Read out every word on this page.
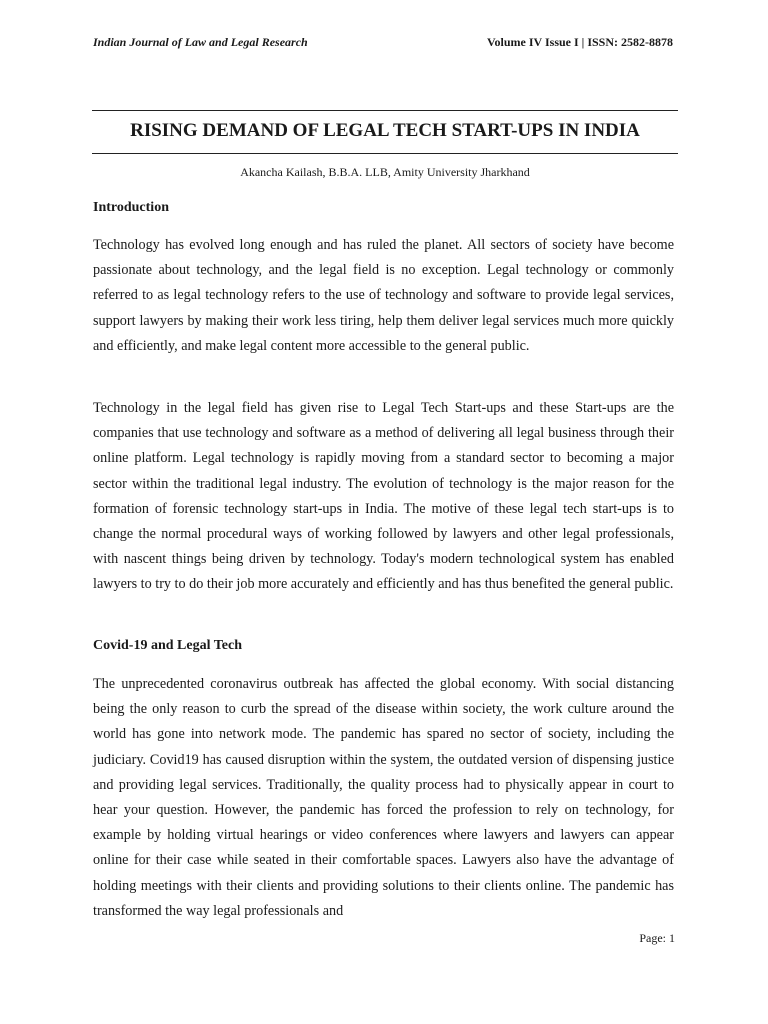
Indian Journal of Law and Legal Research	Volume IV Issue I | ISSN: 2582-8878
RISING DEMAND OF LEGAL TECH START-UPS IN INDIA
Akancha Kailash, B.B.A. LLB, Amity University Jharkhand
Introduction

Technology has evolved long enough and has ruled the planet. All sectors of society have become passionate about technology, and the legal field is no exception. Legal technology or commonly referred to as legal technology refers to the use of technology and software to provide legal services, support lawyers by making their work less tiring, help them deliver legal services much more quickly and efficiently, and make legal content more accessible to the general public.

Technology in the legal field has given rise to Legal Tech Start-ups and these Start-ups are the companies that use technology and software as a method of delivering all legal business through their online platform. Legal technology is rapidly moving from a standard sector to becoming a major sector within the traditional legal industry. The evolution of technology is the major reason for the formation of forensic technology start-ups in India. The motive of these legal tech start-ups is to change the normal procedural ways of working followed by lawyers and other legal professionals, with nascent things being driven by technology. Today's modern technological system has enabled lawyers to try to do their job more accurately and efficiently and has thus benefited the general public.

Covid-19 and Legal Tech

The unprecedented coronavirus outbreak has affected the global economy. With social distancing being the only reason to curb the spread of the disease within society, the work culture around the world has gone into network mode. The pandemic has spared no sector of society, including the judiciary. Covid19 has caused disruption within the system, the outdated version of dispensing justice and providing legal services. Traditionally, the quality process had to physically appear in court to hear your question. However, the pandemic has forced the profession to rely on technology, for example by holding virtual hearings or video conferences where lawyers and lawyers can appear online for their case while seated in their comfortable spaces. Lawyers also have the advantage of holding meetings with their clients and providing solutions to their clients online. The pandemic has transformed the way legal professionals and

Page: 1
